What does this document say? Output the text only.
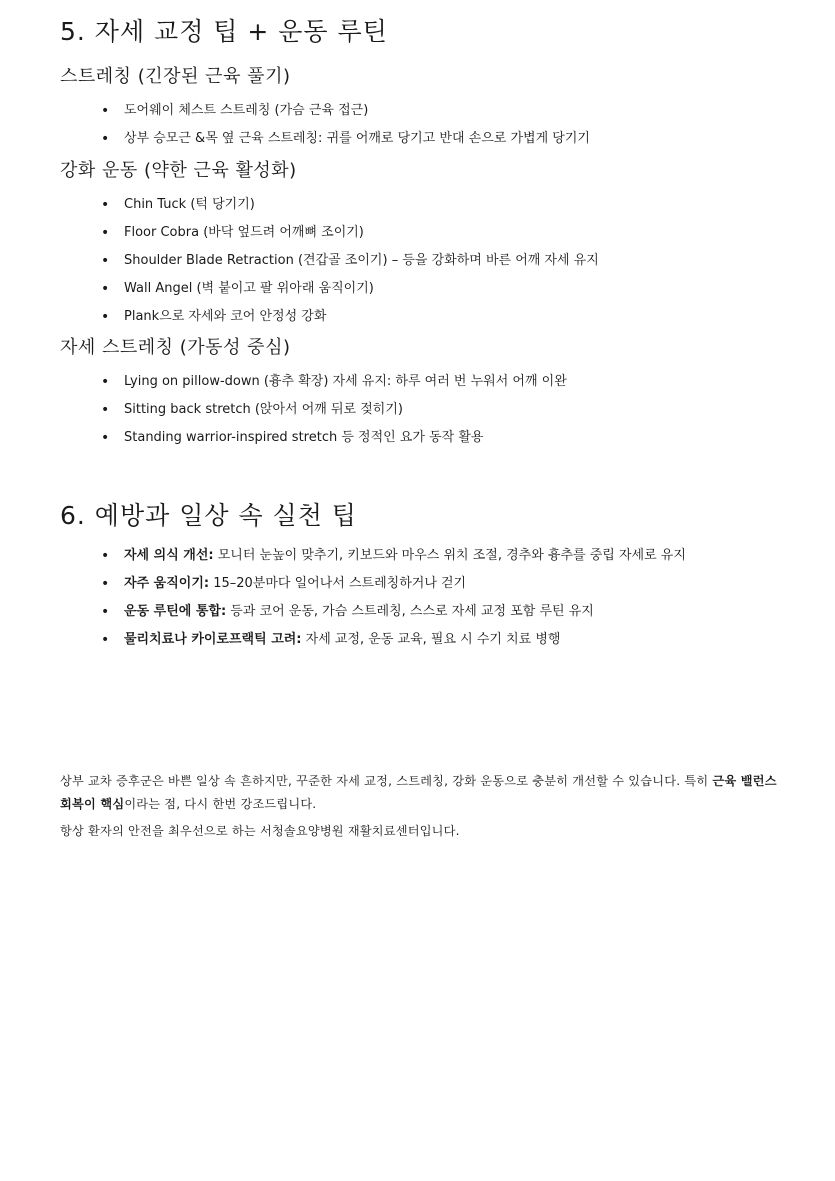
5. 자세 교정 팁 + 운동 루틴
스트레칭 (긴장된 근육 풀기)
• 도어웨이 체스트 스트레칭 (가슴 근육 접근)
• 상부 승모근 &목 옆 근육 스트레칭: 귀를 어깨로 당기고 반대 손으로 가볍게 당기기
강화 운동 (약한 근육 활성화)
• Chin Tuck (턱 당기기)
• Floor Cobra (바닥 엎드려 어깨뼈 조이기)
• Shoulder Blade Retraction (견갑골 조이기) – 등을 강화하며 바른 어깨 자세 유지
• Wall Angel (벽 붙이고 팔 위아래 움직이기)
• Plank으로 자세와 코어 안정성 강화
자세 스트레칭 (가동성 중심)
• Lying on pillow-down (흉추 확장) 자세 유지: 하루 여러 번 누워서 어깨 이완
• Sitting back stretch (앉아서 어깨 뒤로 젖히기)
• Standing warrior-inspired stretch 등 정적인 요가 동작 활용
6. 예방과 일상 속 실천 팁
• 자세 의식 개선: 모니터 눈높이 맞추기, 키보드와 마우스 위치 조절, 경추와 흉추를 중립 자세로 유지
• 자주 움직이기: 15–20분마다 일어나서 스트레칭하거나 걷기
• 운동 루틴에 통합: 등과 코어 운동, 가슴 스트레칭, 스스로 자세 교정 포함 루틴 유지
• 물리치료나 카이로프랙틱 고려: 자세 교정, 운동 교육, 필요 시 수기 치료 병행

상부 교차 증후군은 바쁜 일상 속 흔하지만, 꾸준한 자세 교정, 스트레칭, 강화 운동으로 충분히 개선할 수 있습니다. 특히 근육 밸런스 회복이 핵심이라는 점, 다시 한번 강조드립니다.

항상 환자의 안전을 최우선으로 하는 서청솔요양병원 재활치료센터입니다.
